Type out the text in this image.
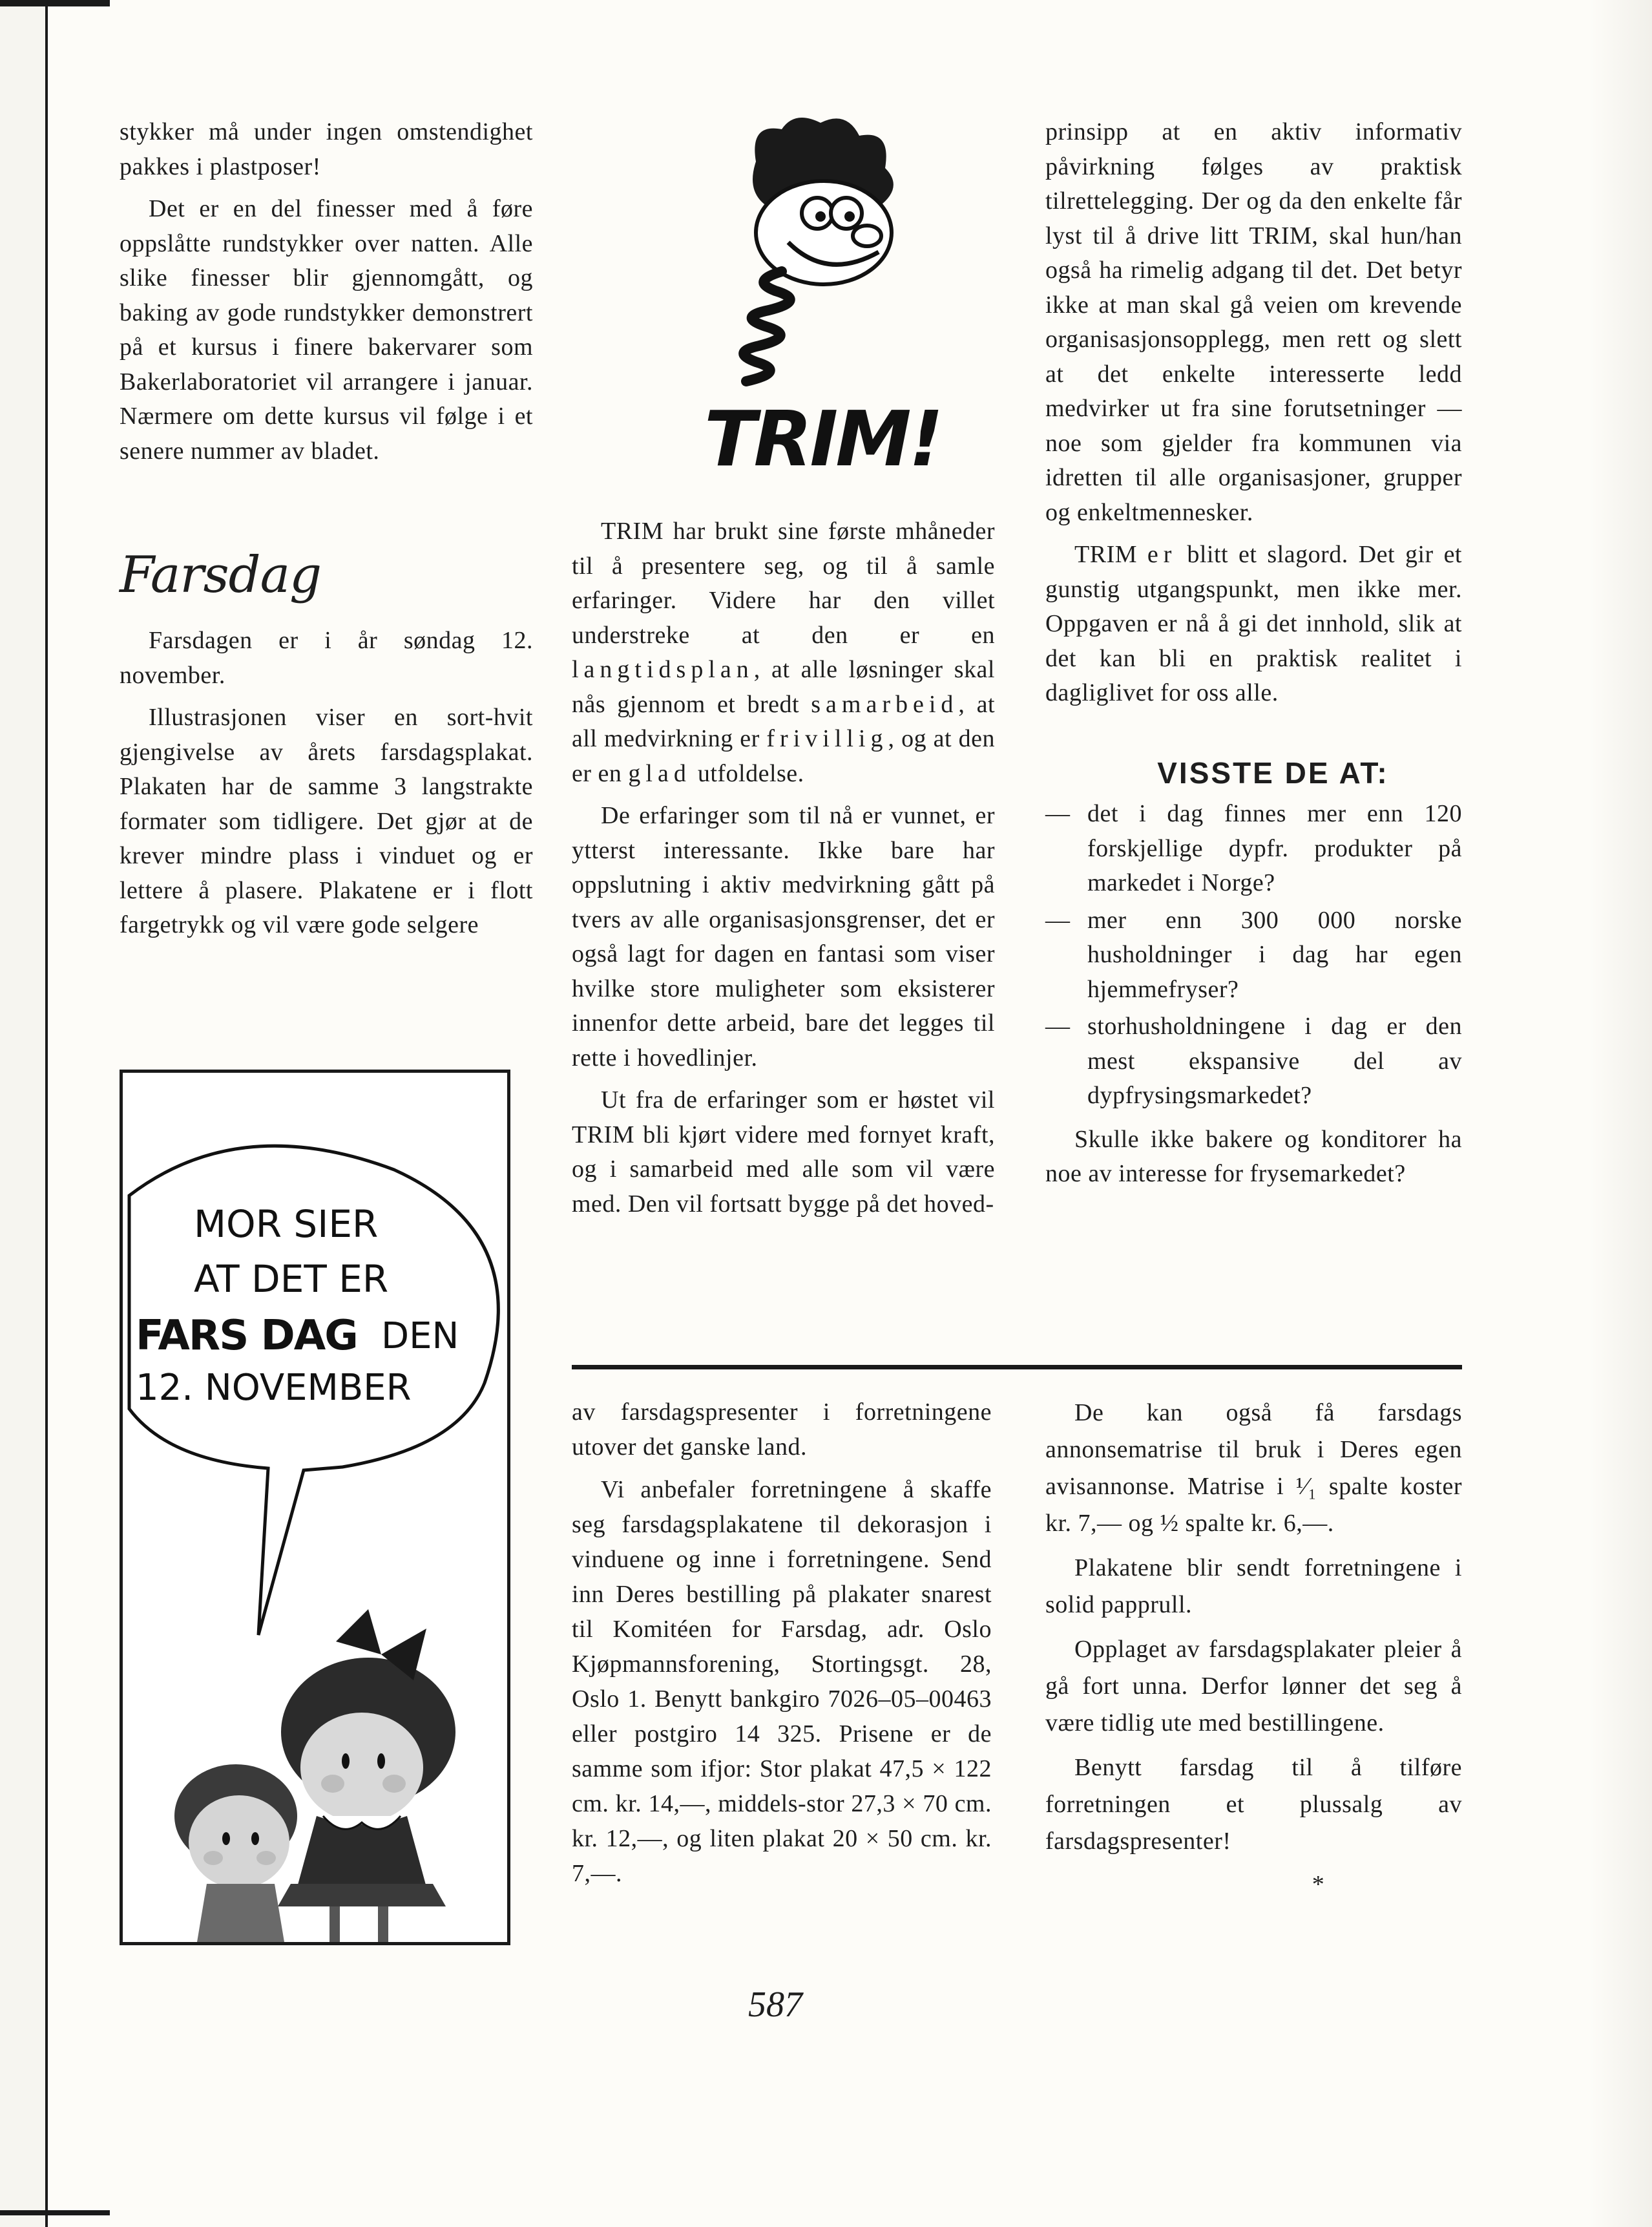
stykker må under ingen omstendighet pakkes i plastposer!

Det er en del finesser med å føre oppslåtte rundstykker over natten. Alle slike finesser blir gjennomgått, og baking av gode rundstykker demonstrert på et kursus i finere bakervarer som Bakerlaboratoriet vil arrangere i januar. Nærmere om dette kursus vil følge i et senere nummer av bladet.

Farsdag

Farsdagen er i år søndag 12. november.

Illustrasjonen viser en sort-hvit gjengivelse av årets farsdagsplakat. Plakaten har de samme 3 langstrakte formater som tidligere. Det gjør at de krever mindre plass i vinduet og er lettere å plasere. Plakatene er i flott fargetrykk og vil være gode selgere

MOR SIER
AT DET ER
FARS DAG DEN
12. NOVEMBER
TRIM!

TRIM har brukt sine første mhåneder til å presentere seg, og til å samle erfaringer. Videre har den villet understreke at den er en langtidsplan, at alle løsninger skal nås gjennom et bredt samarbeid, at all medvirkning er frivillig, og at den er en glad utfoldelse.

De erfaringer som til nå er vunnet, er ytterst interessante. Ikke bare har oppslutning i aktiv medvirkning gått på tvers av alle organisasjonsgrenser, det er også lagt for dagen en fantasi som viser hvilke store muligheter som eksisterer innenfor dette arbeid, bare det legges til rette i hovedlinjer.

Ut fra de erfaringer som er høstet vil TRIM bli kjørt videre med fornyet kraft, og i samarbeid med alle som vil være med. Den vil fortsatt bygge på det hoved-

prinsipp at en aktiv informativ påvirkning følges av praktisk tilrettelegging. Der og da den enkelte får lyst til å drive litt TRIM, skal hun/han også ha rimelig adgang til det. Det betyr ikke at man skal gå veien om krevende organisasjonsopplegg, men rett og slett at det enkelte interesserte ledd medvirker ut fra sine forutsetninger — noe som gjelder fra kommunen via idretten til alle organisasjoner, grupper og enkeltmennesker.

TRIM er blitt et slagord. Det gir et gunstig utgangspunkt, men ikke mer. Oppgaven er nå å gi det innhold, slik at det kan bli en praktisk realitet i dagliglivet for oss alle.

VISSTE DE AT:
— det i dag finnes mer enn 120 forskjellige dypfr. produkter på markedet i Norge?
— mer enn 300 000 norske husholdninger i dag har egen hjemmefryser?
— storhusholdningene i dag er den mest ekspansive del av dypfrysingsmarkedet?

Skulle ikke bakere og konditorer ha noe av interesse for frysemarkedet?

av farsdagspresenter i forretningene utover det ganske land.

Vi anbefaler forretningene å skaffe seg farsdagsplakatene til dekorasjon i vinduene og inne i forretningene. Send inn Deres bestilling på plakater snarest til Komitéen for Farsdag, adr. Oslo Kjøpmannsforening, Stortingsgt. 28, Oslo 1. Benytt bankgiro 7026–05–00463 eller postgiro 14 325. Prisene er de samme som ifjor: Stor plakat 47,5 × 122 cm. kr. 14,—, middels-stor 27,3 × 70 cm. kr. 12,—, og liten plakat 20 × 50 cm. kr. 7,—.

De kan også få farsdags annonsematrise til bruk i Deres egen avisannonse. Matrise i ¹⁄₁ spalte koster kr. 7,— og ½ spalte kr. 6,—.

Plakatene blir sendt forretningene i solid papprull.

Opplaget av farsdagsplakater pleier å gå fort unna. Derfor lønner det seg å være tidlig ute med bestillingene.

Benytt farsdag til å tilføre forretningen et plussalg av farsdagspresenter!

*
587
